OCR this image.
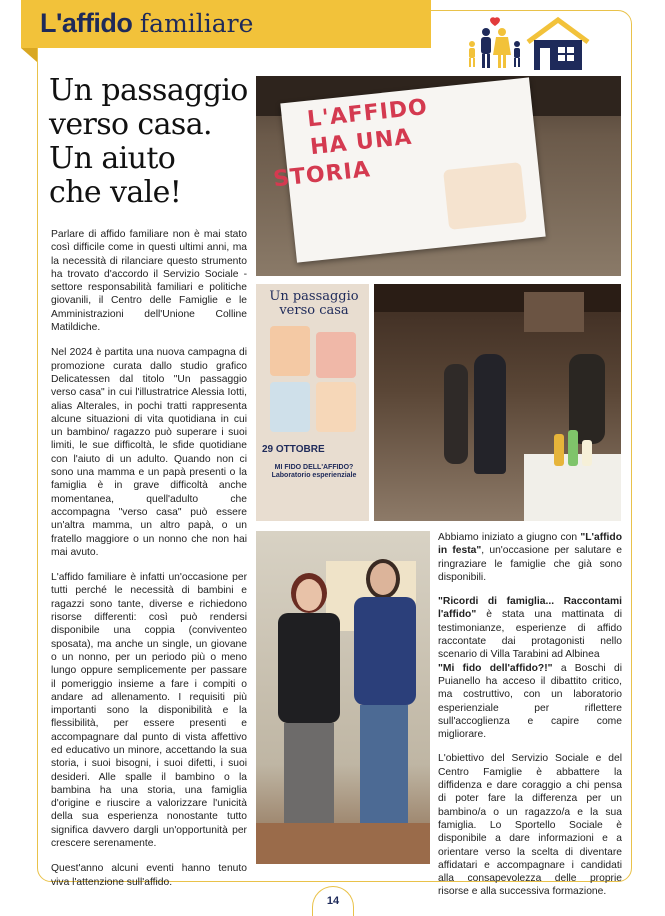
L'affido familiare
Un passaggio
verso casa.
Un aiuto
che vale!

Parlare di affido familiare non è mai stato così difficile come in questi ultimi anni, ma la necessità di rilanciare questo strumento ha trovato d'accordo il Servizio Sociale - settore responsabilità familiari e politiche giovanili, il Centro delle Famiglie e le Amministrazioni dell'Unione Colline Matildiche.

Nel 2024 è partita una nuova campagna di promozione curata dallo studio grafico Delicatessen dal titolo "Un passaggio verso casa" in cui l'illustratrice Alessia Iotti, alias Alterales, in pochi tratti rappresenta alcune situazioni di vita quotidiana in cui un bambino/ ragazzo può superare i suoi limiti, le sue difficoltà, le sfide quotidiane con l'aiuto di un adulto. Quando non ci sono una mamma e un papà presenti o la famiglia è in grave difficoltà anche momentanea, quell'adulto che accompagna "verso casa" può essere un'altra mamma, un altro papà, o un fratello maggiore o un nonno che non hai mai avuto.

L'affido familiare è infatti un'occasione per tutti perché le necessità di bambini e ragazzi sono tante, diverse e richiedono risorse differenti: così può rendersi disponibile una coppia (conviventeo sposata), ma anche un single, un giovane o un nonno, per un periodo più o meno lungo oppure semplicemente per passare il pomeriggio insieme a fare i compiti o andare ad allenamento. I requisiti più importanti sono la disponibilità e la flessibilità, per essere presenti e accompagnare dal punto di vista affettivo ed educativo un minore, accettando la sua storia, i suoi bisogni, i suoi difetti, i suoi desideri. Alle spalle il bambino o la bambina ha una storia, una famiglia d'origine e riuscire a valorizzare l'unicità della sua esperienza nonostante tutto significa davvero dargli un'opportunità per crescere serenamente.

Quest'anno alcuni eventi hanno tenuto viva l'attenzione sull'affido.

L'AFFIDO
HA UNA
STORIA
Un passaggio verso casa
29 OTTOBRE
MI FIDO DELL'AFFIDO? Laboratorio esperienziale

Abbiamo iniziato a giugno con "L'affido in festa", un'occasione per salutare e ringraziare le famiglie che già sono disponibili.

"Ricordi di famiglia... Raccontami l'affido" è stata una mattinata di testimonianze, esperienze di affido raccontate dai protagonisti nello scenario di Villa Tarabini ad Albinea

"Mi fido dell'affido?!" a Boschi di Puianello ha acceso il dibattito critico, ma costruttivo, con un laboratorio esperienziale per riflettere sull'accoglienza e capire come migliorare.

L'obiettivo del Servizio Sociale e del Centro Famiglie è abbattere la diffidenza e dare coraggio a chi pensa di poter fare la differenza per un bambino/a o un ragazzo/a e la sua famiglia. Lo Sportello Sociale è disponibile a dare informazioni e a orientare verso la scelta di diventare affidatari e accompagnare i candidati alla consapevolezza delle proprie risorse e alla successiva formazione.

14
